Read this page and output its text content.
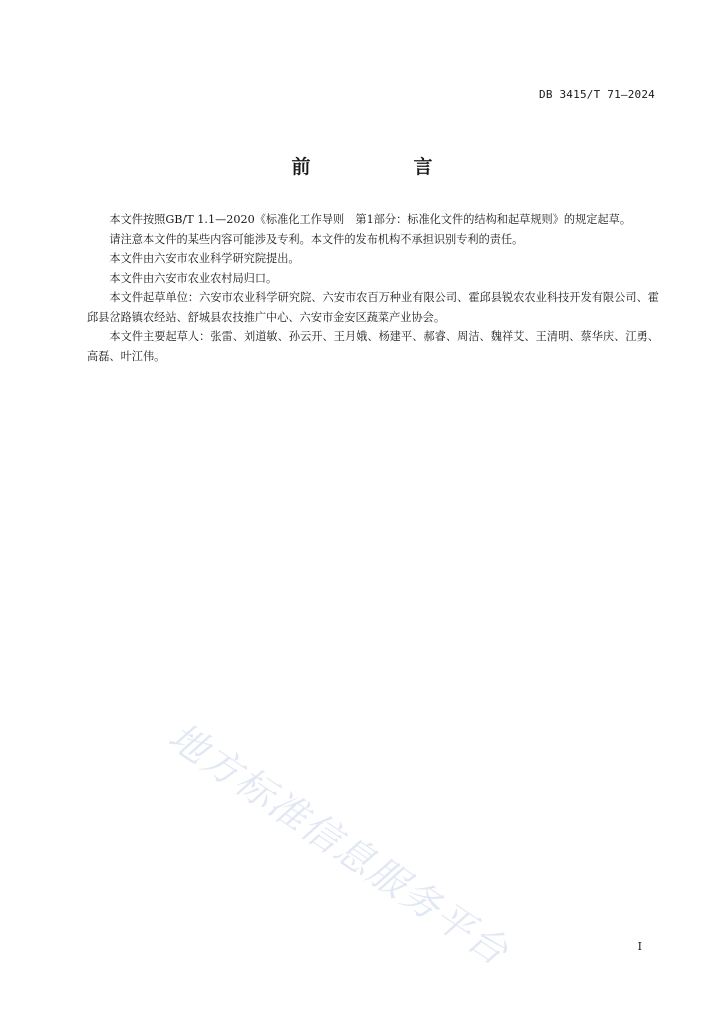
DB 3415/T 71—2024
前　言

本文件按照GB/T 1.1—2020《标准化工作导则　第1部分：标准化文件的结构和起草规则》的规定起草。

请注意本文件的某些内容可能涉及专利。本文件的发布机构不承担识别专利的责任。

本文件由六安市农业科学研究院提出。

本文件由六安市农业农村局归口。

本文件起草单位：六安市农业科学研究院、六安市农百万种业有限公司、霍邱县锐农农业科技开发有限公司、霍邱县岔路镇农经站、舒城县农技推广中心、六安市金安区蔬菜产业协会。

本文件主要起草人：张雷、刘道敏、孙云开、王月娥、杨建平、郝睿、周洁、魏祥艾、王清明、蔡华庆、江勇、高磊、叶江伟。

地方标准信息服务平台	I
